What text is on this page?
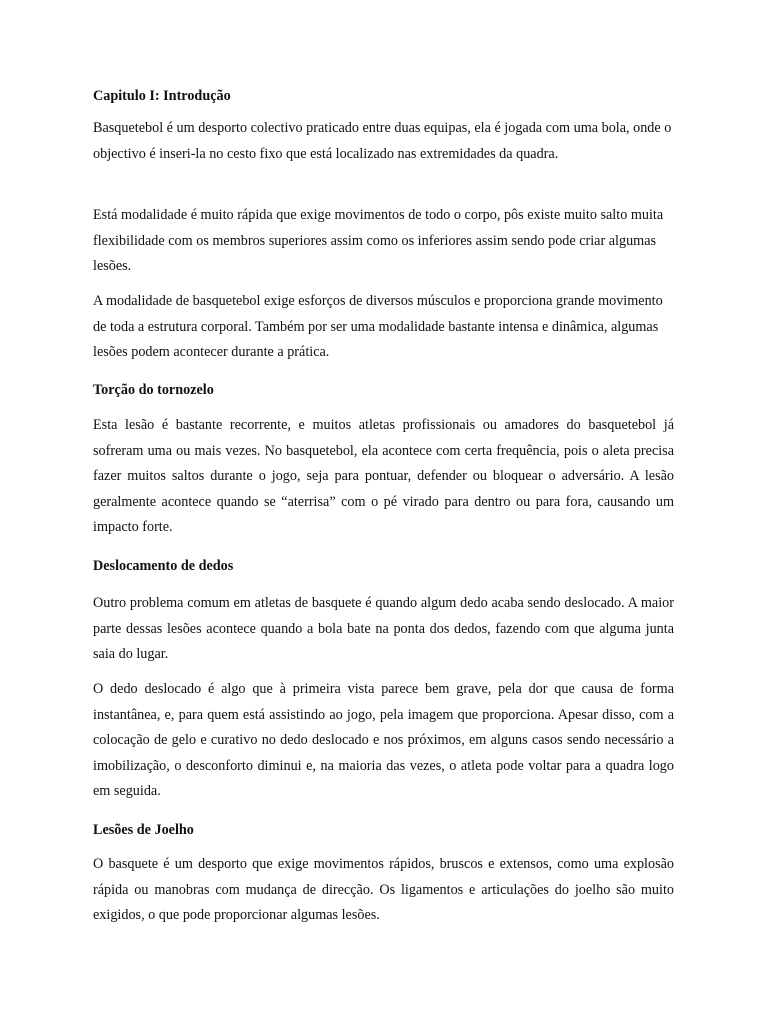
Capitulo I: Introdução

Basquetebol é um desporto colectivo praticado entre duas equipas, ela é jogada com uma bola, onde o objectivo é inseri-la no cesto fixo que está localizado nas extremidades da quadra.

Está modalidade é muito rápida que exige movimentos de todo o corpo, pôs existe muito salto muita flexibilidade com os membros superiores assim como os inferiores assim sendo pode criar algumas lesões.

A modalidade de basquetebol exige esforços de diversos músculos e proporciona grande movimento de toda a estrutura corporal. Também por ser uma modalidade bastante intensa e dinâmica, algumas lesões podem acontecer durante a prática.

Torção do tornozelo

Esta lesão é bastante recorrente, e muitos atletas profissionais ou amadores do basquetebol já sofreram uma ou mais vezes. No basquetebol, ela acontece com certa frequência, pois o aleta precisa fazer muitos saltos durante o jogo, seja para pontuar, defender ou bloquear o adversário. A lesão geralmente acontece quando se “aterrisa” com o pé virado para dentro ou para fora, causando um impacto forte.

Deslocamento de dedos

Outro problema comum em atletas de basquete é quando algum dedo acaba sendo deslocado. A maior parte dessas lesões acontece quando a bola bate na ponta dos dedos, fazendo com que alguma junta saia do lugar.

O dedo deslocado é algo que à primeira vista parece bem grave, pela dor que causa de forma instantânea, e, para quem está assistindo ao jogo, pela imagem que proporciona. Apesar disso, com a colocação de gelo e curativo no dedo deslocado e nos próximos, em alguns casos sendo necessário a imobilização, o desconforto diminui e, na maioria das vezes, o atleta pode voltar para a quadra logo em seguida.

Lesões de Joelho

O basquete é um desporto que exige movimentos rápidos, bruscos e extensos, como uma explosão rápida ou manobras com mudança de direcção. Os ligamentos e articulações do joelho são muito exigidos, o que pode proporcionar algumas lesões.
